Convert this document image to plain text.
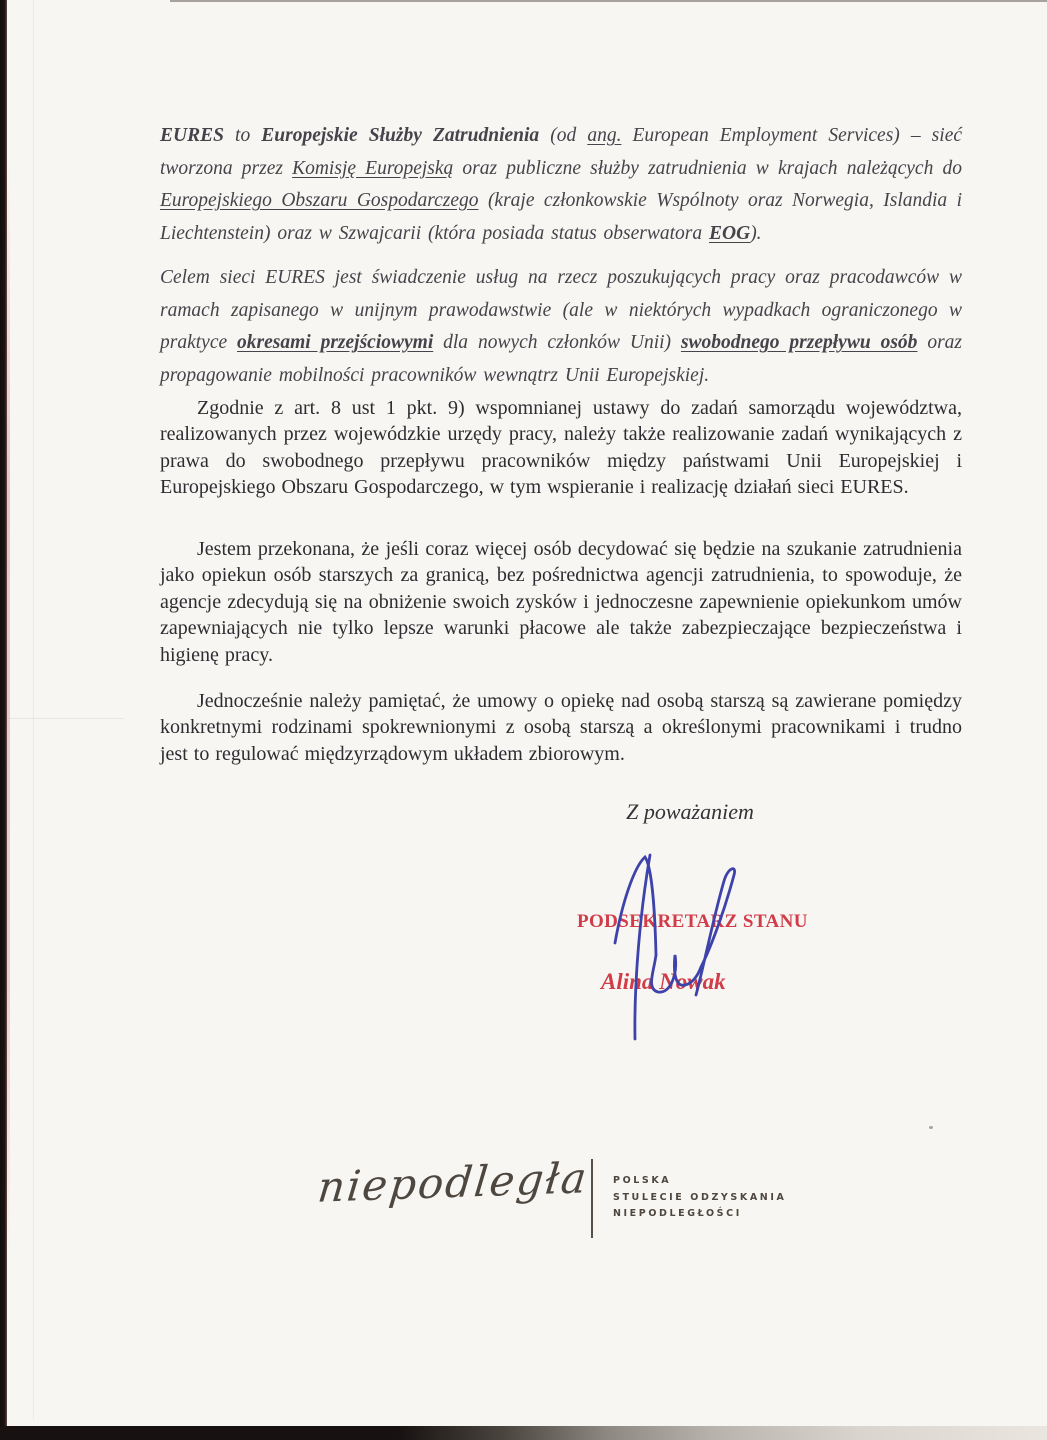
EURES to Europejskie Służby Zatrudnienia (od ang. European Employment Services) – sieć tworzona przez Komisję Europejską oraz publiczne służby zatrudnienia w krajach należących do Europejskiego Obszaru Gospodarczego (kraje członkowskie Wspólnoty oraz Norwegia, Islandia i Liechtenstein) oraz w Szwajcarii (która posiada status obserwatora EOG).

Celem sieci EURES jest świadczenie usług na rzecz poszukujących pracy oraz pracodawców w ramach zapisanego w unijnym prawodawstwie (ale w niektórych wypadkach ograniczonego w praktyce okresami przejściowymi dla nowych członków Unii) swobodnego przepływu osób oraz propagowanie mobilności pracowników wewnątrz Unii Europejskiej.

Zgodnie z art. 8 ust 1 pkt. 9) wspomnianej ustawy do zadań samorządu województwa, realizowanych przez wojewódzkie urzędy pracy, należy także realizowanie zadań wynikających z prawa do swobodnego przepływu pracowników między państwami Unii Europejskiej i Europejskiego Obszaru Gospodarczego, w tym wspieranie i realizację działań sieci EURES.

Jestem przekonana, że jeśli coraz więcej osób decydować się będzie na szukanie zatrudnienia jako opiekun osób starszych za granicą, bez pośrednictwa agencji zatrudnienia, to spowoduje, że agencje zdecydują się na obniżenie swoich zysków i jednoczesne zapewnienie opiekunkom umów zapewniających nie tylko lepsze warunki płacowe ale także zabezpieczające bezpieczeństwa i higienę pracy.

Jednocześnie należy pamiętać, że umowy o opiekę nad osobą starszą są zawierane pomiędzy konkretnymi rodzinami spokrewnionymi z osobą starszą a określonymi pracownikami i trudno jest to regulować międzyrządowym układem zbiorowym.

Z poważaniem
PODSEKRETARZ STANU
Alina Nowak
niepodległa POLSKA
STULECIE ODZYSKANIA
NIEPODLEGŁOŚCI
